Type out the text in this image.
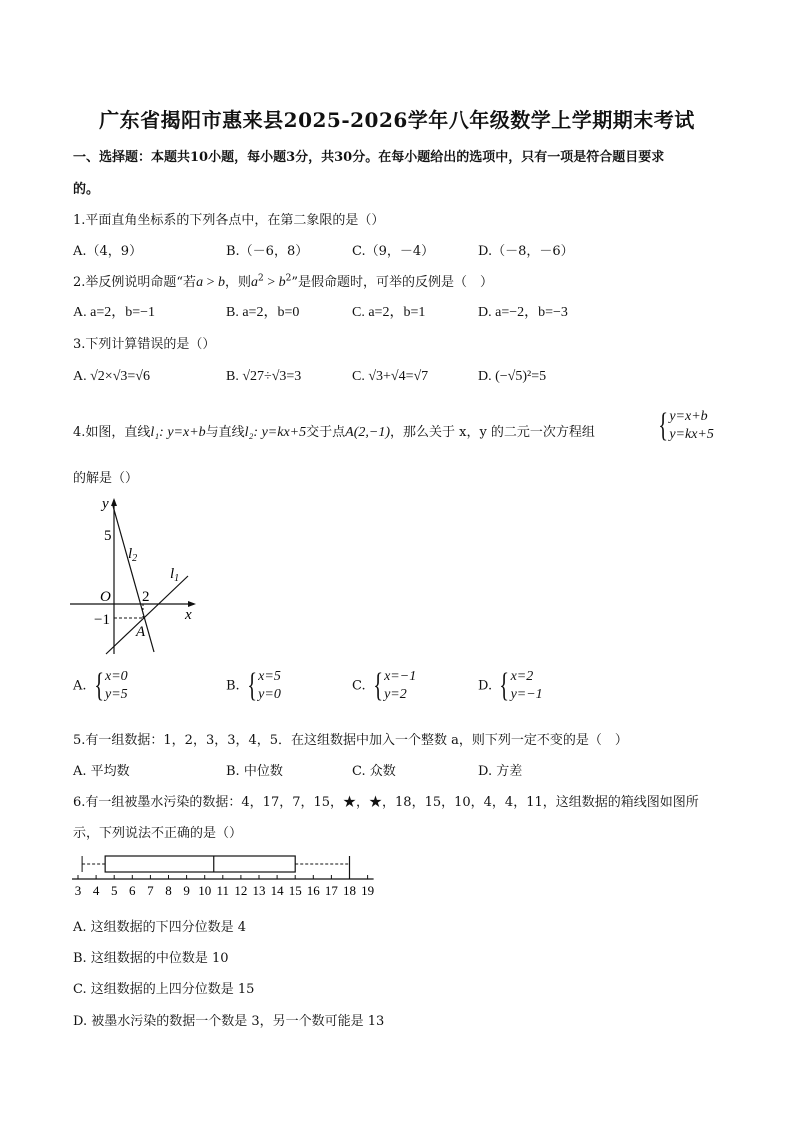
广东省揭阳市惠来县2025-2026学年八年级数学上学期期末考试
一、选择题：本题共10小题，每小题3分，共30分。在每小题给出的选项中，只有一项是符合题目要求
的。
1.平面直角坐标系的下列各点中，在第二象限的是（）
A.（4，9）	B.（－6，8）	C.（9，－4）	D.（－8，－6）
2.举反例说明命题“若a > b，则$a^2 > b^2$”是假命题时，可举的反例是（　）
A. a=2，b=−1	B. a=2，b=0	C. a=2，b=1	D. a=−2，b=−3
3.下列计算错误的是（）
A. √2×√3=√6	B. √27÷√3=3	C. √3+√4=√7	D. (−√5)²=5
4.如图，直线l₁: y=x+b与直线l₂: y=kx+5交于点A(2,−1)，那么关于 x，y 的二元一次方程组 { y=x+b
y=kx+5
的解是（）
y
x
5
O 2
−1
A
$l_2$
$l_1$
A. { x=0
y=5
B. { x=5
y=0
C. { x=−1
y=2
D. { x=2
y=−1
5.有一组数据：1，2，3，3，4，5．在这组数据中加入一个整数 a，则下列一定不变的是（　）
A. 平均数	B. 中位数	C. 众数	D. 方差
6.有一组被墨水污染的数据：4，17，7，15，★，★，18，15，10，4，4，11，这组数据的箱线图如图所
示，下列说法不正确的是（）
3 4 5 6 7 8 9 10 11 12 13 14 15 16 17 18 19
A. 这组数据的下四分位数是 4
B. 这组数据的中位数是 10
C. 这组数据的上四分位数是 15
D. 被墨水污染的数据一个数是 3，另一个数可能是 13
